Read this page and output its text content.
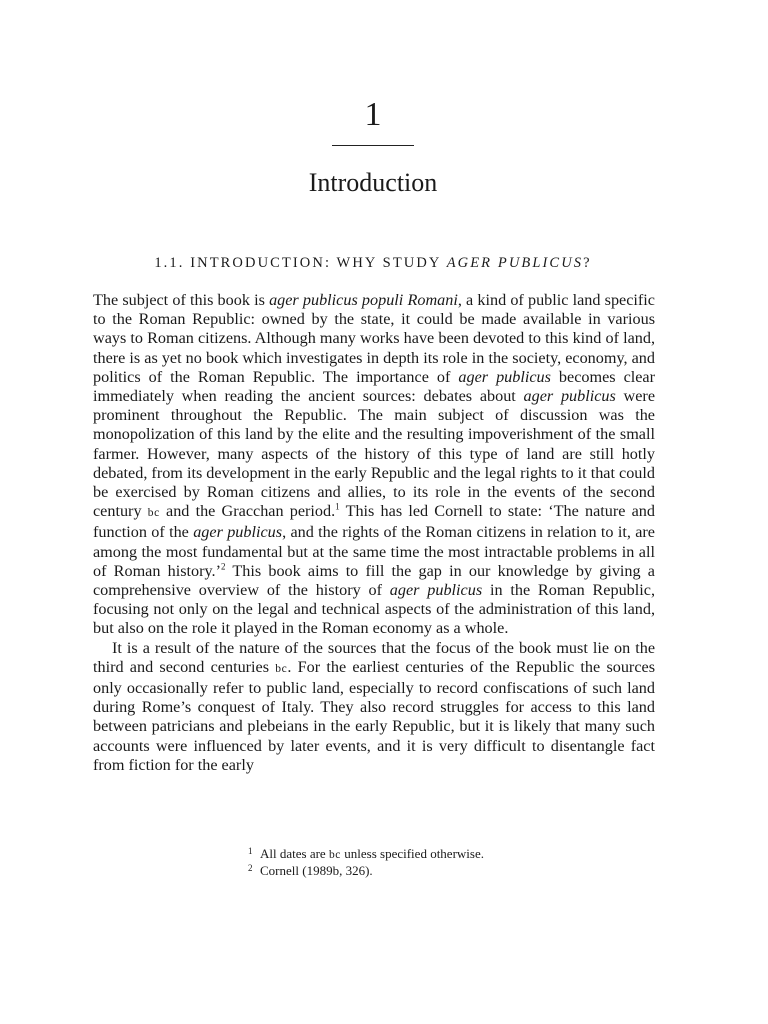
1
Introduction
1.1. INTRODUCTION: WHY STUDY AGER PUBLICUS?

The subject of this book is ager publicus populi Romani, a kind of public land specific to the Roman Republic: owned by the state, it could be made available in various ways to Roman citizens. Although many works have been devoted to this kind of land, there is as yet no book which investigates in depth its role in the society, economy, and politics of the Roman Republic. The importance of ager publicus becomes clear immediately when reading the ancient sources: debates about ager publicus were prominent throughout the Republic. The main subject of discussion was the monopolization of this land by the elite and the resulting impoverishment of the small farmer. However, many aspects of the history of this type of land are still hotly debated, from its development in the early Republic and the legal rights to it that could be exercised by Roman citizens and allies, to its role in the events of the second century bc and the Gracchan period.$^1$ This has led Cornell to state: ‘The nature and function of the ager publicus, and the rights of the Roman citizens in relation to it, are among the most fundamental but at the same time the most intractable problems in all of Roman history.’$^2$ This book aims to fill the gap in our knowledge by giving a comprehensive overview of the history of ager publicus in the Roman Republic, focusing not only on the legal and technical aspects of the administration of this land, but also on the role it played in the Roman economy as a whole.

It is a result of the nature of the sources that the focus of the book must lie on the third and second centuries bc. For the earliest centuries of the Republic the sources only occasionally refer to public land, especially to record confiscations of such land during Rome’s conquest of Italy. They also record struggles for access to this land between patricians and plebeians in the early Republic, but it is likely that many such accounts were influenced by later events, and it is very difficult to disentangle fact from fiction for the early

1 All dates are bc unless specified otherwise.
2 Cornell (1989b, 326).
